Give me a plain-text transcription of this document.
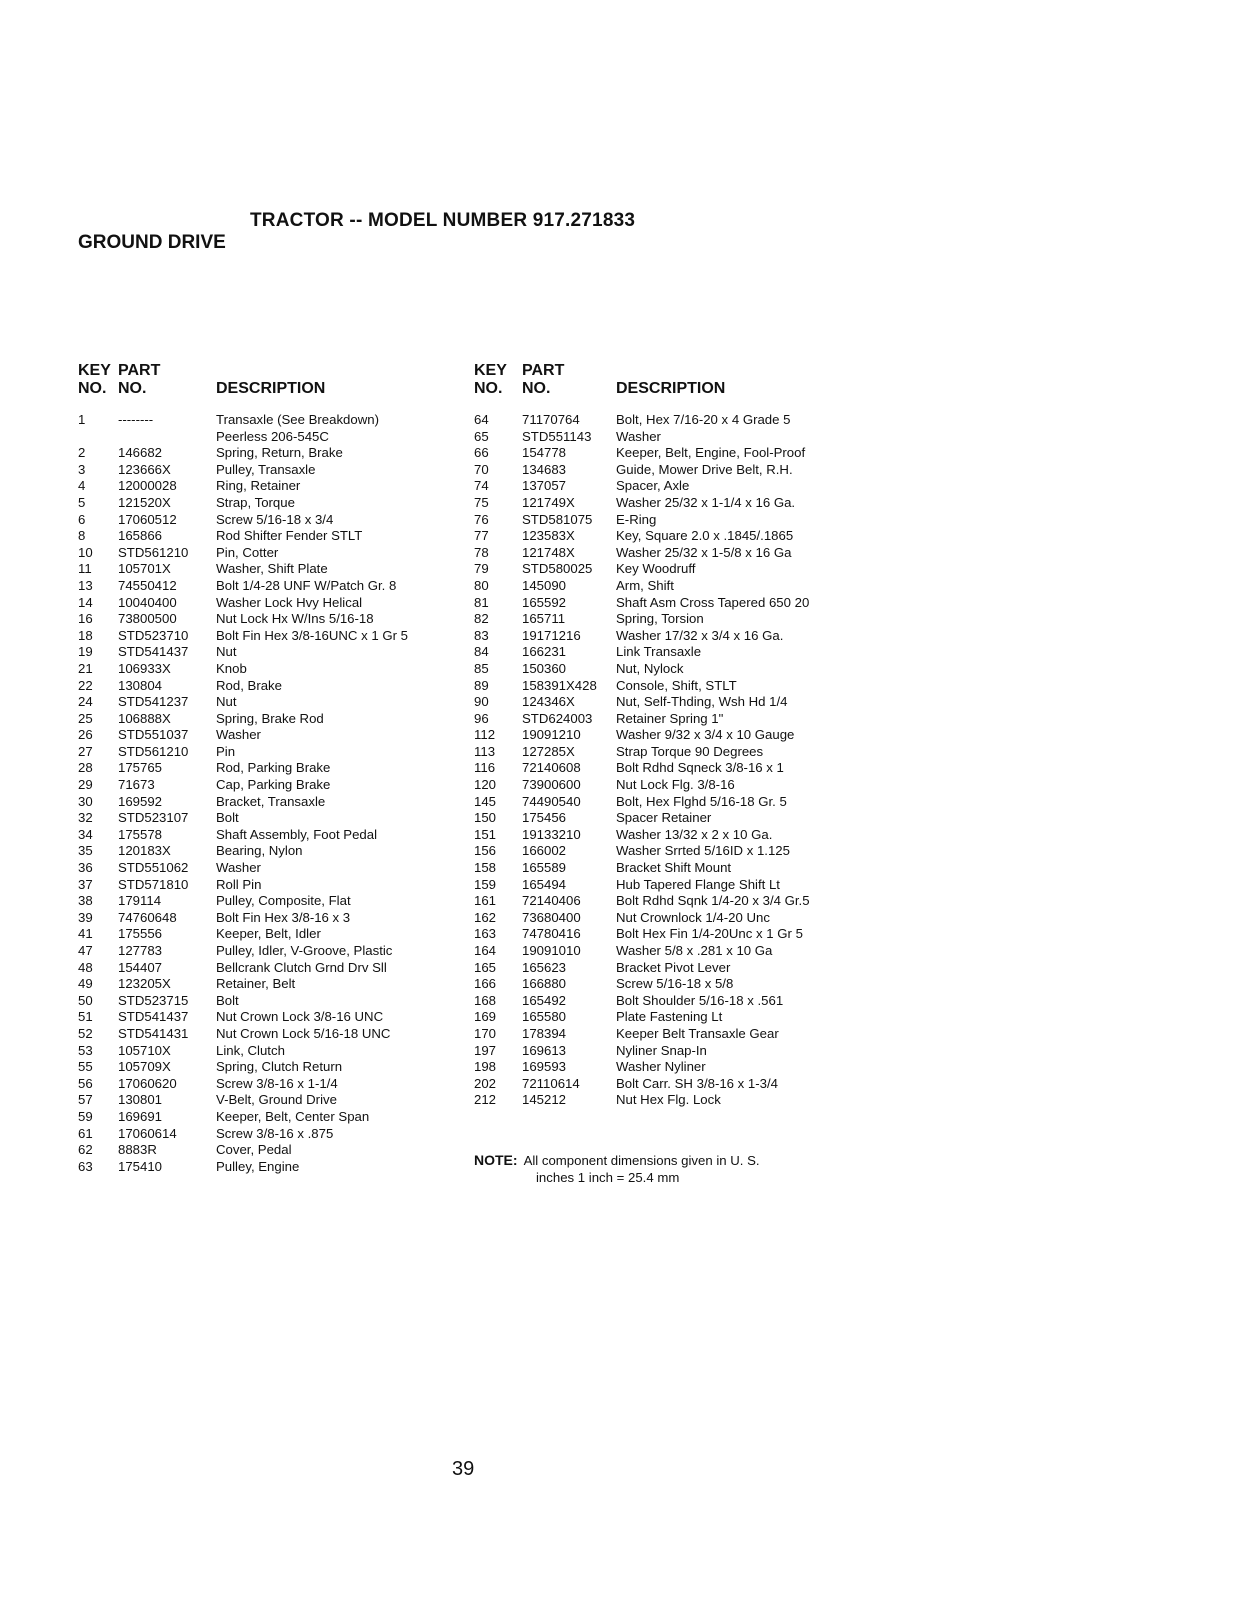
TRACTOR -- MODEL NUMBER 917.271833
GROUND DRIVE
KEY
NO.
PART
NO.	DESCRIPTION
1 --------	Transaxle (See Breakdown)
Peerless 206-545C
2 146682	Spring, Return, Brake
3 123666X	Pulley, Transaxle
4 12000028	Ring, Retainer
5 121520X	Strap, Torque
6 17060512	Screw 5/16-18 x 3/4
8 165866	Rod Shifter Fender STLT
10 STD561210 Pin, Cotter
11 105701X	Washer, Shift Plate
13 74550412	Bolt 1/4-28 UNF W/Patch Gr. 8
14 10040400	Washer Lock Hvy Helical
16 73800500	Nut Lock Hx W/Ins 5/16-18
18 STD523710 Bolt Fin Hex 3/8-16UNC x 1 Gr 5
19 STD541437 Nut
21 106933X	Knob
22 130804	Rod, Brake
24 STD541237 Nut
25 106888X	Spring, Brake Rod
26 STD551037 Washer
27 STD561210 Pin
28 175765	Rod, Parking Brake
29 71673	Cap, Parking Brake
30 169592	Bracket, Transaxle
32 STD523107 Bolt
34 175578	Shaft Assembly, Foot Pedal
35 120183X	Bearing, Nylon
36 STD551062 Washer
37 STD571810 Roll Pin
38 179114	Pulley, Composite, Flat
39 74760648	Bolt Fin Hex 3/8-16 x 3
41 175556	Keeper, Belt, Idler
47 127783	Pulley, Idler, V-Groove, Plastic
48 154407	Bellcrank Clutch Grnd Drv Sll
49 123205X	Retainer, Belt
50 STD523715 Bolt
51 STD541437 Nut Crown Lock 3/8-16 UNC
52 STD541431 Nut Crown Lock 5/16-18 UNC
53 105710X	Link, Clutch
55 105709X	Spring, Clutch Return
56 17060620	Screw 3/8-16 x 1-1/4
57 130801	V-Belt, Ground Drive
59 169691	Keeper, Belt, Center Span
61 17060614	Screw 3/8-16 x .875
62 8883R	Cover, Pedal
63 175410	Pulley, Engine
KEY
NO.
PART
NO.	DESCRIPTION
64	71170764	Bolt, Hex 7/16-20 x 4 Grade 5
65	STD551143 Washer
66	154778	Keeper, Belt, Engine, Fool-Proof
70	134683	Guide, Mower Drive Belt, R.H.
74	137057	Spacer, Axle
75	121749X	Washer 25/32 x 1-1/4 x 16 Ga.
76	STD581075 E-Ring
77	123583X	Key, Square 2.0 x .1845/.1865
78	121748X	Washer 25/32 x 1-5/8 x 16 Ga
79	STD580025 Key Woodruff
80	145090	Arm, Shift
81	165592	Shaft Asm Cross Tapered 650 20
82	165711	Spring, Torsion
83	19171216	Washer 17/32 x 3/4 x 16 Ga.
84	166231	Link Transaxle
85	150360	Nut, Nylock
89	158391X428 Console, Shift, STLT
90	124346X	Nut, Self-Thding, Wsh Hd 1/4
96	STD624003 Retainer Spring 1"
112 19091210	Washer 9/32 x 3/4 x 10 Gauge
113 127285X	Strap Torque 90 Degrees
116 72140608	Bolt Rdhd Sqneck 3/8-16 x 1
120 73900600	Nut Lock Flg. 3/8-16
145 74490540	Bolt, Hex Flghd 5/16-18 Gr. 5
150 175456	Spacer Retainer
151 19133210	Washer 13/32 x 2 x 10 Ga.
156 166002	Washer Srrted 5/16ID x 1.125
158 165589	Bracket Shift Mount
159 165494	Hub Tapered Flange Shift Lt
161 72140406	Bolt Rdhd Sqnk 1/4-20 x 3/4 Gr.5
162 73680400	Nut Crownlock 1/4-20 Unc
163 74780416	Bolt Hex Fin 1/4-20Unc x 1 Gr 5
164 19091010	Washer 5/8 x .281 x 10 Ga
165 165623	Bracket Pivot Lever
166 166880	Screw 5/16-18 x 5/8
168 165492	Bolt Shoulder 5/16-18 x .561
169 165580	Plate Fastening Lt
170 178394	Keeper Belt Transaxle Gear
197 169613	Nyliner Snap-In
198 169593	Washer Nyliner
202 72110614	Bolt Carr. SH 3/8-16 x 1-3/4
212 145212	Nut Hex Flg. Lock
NOTE: All component dimensions given in U. S.
inches 1 inch = 25.4 mm
39
